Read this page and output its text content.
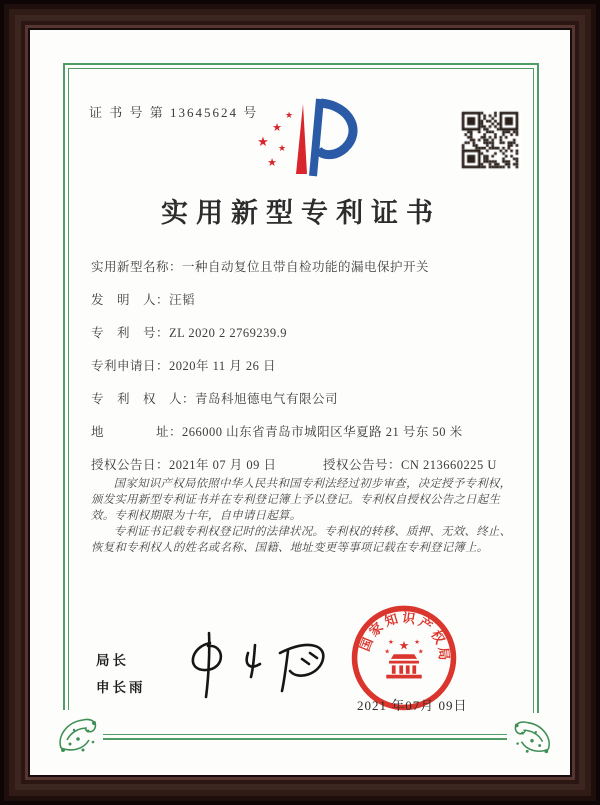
证 书 号 第 13645624 号	★
★
★ ★
★
实用新型专利证书
实用新型名称：一种自动复位且带自检功能的漏电保护开关
发　明　人：汪韬
专　利　号：ZL 2020 2 2769239.9
专利申请日：2020年 11 月 26 日
专　利　权　人：青岛科旭德电气有限公司
地　　　　址：266000 山东省青岛市城阳区华夏路 21 号东 50 米
授权公告日：2021年 07 月 09 日	授权公告号：CN 213660225 U

国家知识产权局依照中华人民共和国专利法经过初步审查，决定授予专利权，颁发实用新型专利证书并在专利登记簿上予以登记。专利权自授权公告之日起生效。专利权期限为十年，自申请日起算。

专利证书记载专利权登记时的法律状况。专利权的转移、质押、无效、终止、恢复和专利权人的姓名或名称、国籍、地址变更等事项记载在专利登记簿上。

局长
申长雨
国家知识产权局
★
★	★
★	★
2021 年07月 09日
